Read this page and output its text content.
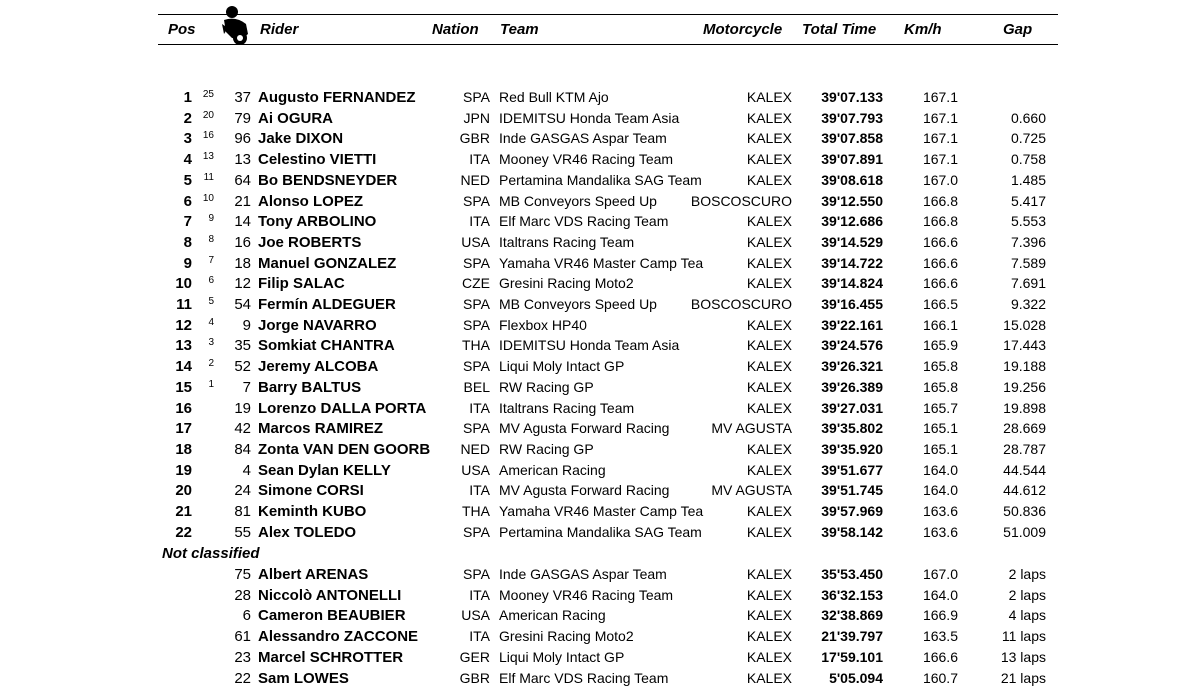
Pos	Rider	Nation Team	Motorcycle Total Time Km/h	Gap
1	25	37 Augusto FERNANDEZ	SPA Red Bull KTM Ajo	KALEX	39'07.133	167.1
2	20	79 Ai OGURA	JPN IDEMITSU Honda Team Asia	KALEX	39'07.793	167.1	0.660
3	16	96 Jake DIXON	GBR Inde GASGAS Aspar Team	KALEX	39'07.858	167.1	0.725
4	13	13 Celestino VIETTI	ITA Mooney VR46 Racing Team	KALEX	39'07.891	167.1	0.758
5	11	64 Bo BENDSNEYDER	NED Pertamina Mandalika SAG Team	KALEX	39'08.618	167.0	1.485
6	10	21 Alonso LOPEZ	SPA MB Conveyors Speed Up	BOSCOSCURO	39'12.550	166.8	5.417
7	9	14 Tony ARBOLINO	ITA Elf Marc VDS Racing Team	KALEX	39'12.686	166.8	5.553
8	8	16 Joe ROBERTS	USA Italtrans Racing Team	KALEX	39'14.529	166.6	7.396
9	7	18 Manuel GONZALEZ	SPA Yamaha VR46 Master Camp Tea	KALEX	39'14.722	166.6	7.589
10	6	12 Filip SALAC	CZE Gresini Racing Moto2	KALEX	39'14.824	166.6	7.691
11	5	54 Fermín ALDEGUER	SPA MB Conveyors Speed Up	BOSCOSCURO	39'16.455	166.5	9.322
12	4	9 Jorge NAVARRO	SPA Flexbox HP40	KALEX	39'22.161	166.1	15.028
13	3	35 Somkiat CHANTRA	THA IDEMITSU Honda Team Asia	KALEX	39'24.576	165.9	17.443
14	2	52 Jeremy ALCOBA	SPA Liqui Moly Intact GP	KALEX	39'26.321	165.8	19.188
15	1	7 Barry BALTUS	BEL RW Racing GP	KALEX	39'26.389	165.8	19.256
16	19 Lorenzo DALLA PORTA	ITA Italtrans Racing Team	KALEX	39'27.031	165.7	19.898
17	42 Marcos RAMIREZ	SPA MV Agusta Forward Racing	MV AGUSTA	39'35.802	165.1	28.669
18	84 Zonta VAN DEN GOORB	NED RW Racing GP	KALEX	39'35.920	165.1	28.787
19	4 Sean Dylan KELLY	USA American Racing	KALEX	39'51.677	164.0	44.544
20	24 Simone CORSI	ITA MV Agusta Forward Racing	MV AGUSTA	39'51.745	164.0	44.612
21	81 Keminth KUBO	THA Yamaha VR46 Master Camp Tea	KALEX	39'57.969	163.6	50.836
22	55 Alex TOLEDO	SPA Pertamina Mandalika SAG Team	KALEX	39'58.142	163.6	51.009
Not classified
75 Albert ARENAS	SPA Inde GASGAS Aspar Team	KALEX	35'53.450	167.0	2 laps
28 Niccolò ANTONELLI	ITA Mooney VR46 Racing Team	KALEX	36'32.153	164.0	2 laps
6 Cameron BEAUBIER	USA American Racing	KALEX	32'38.869	166.9	4 laps
61 Alessandro ZACCONE	ITA Gresini Racing Moto2	KALEX	21'39.797	163.5	11 laps
23 Marcel SCHROTTER	GER Liqui Moly Intact GP	KALEX	17'59.101	166.6	13 laps
22 Sam LOWES	GBR Elf Marc VDS Racing Team	KALEX	5'05.094	160.7	21 laps
